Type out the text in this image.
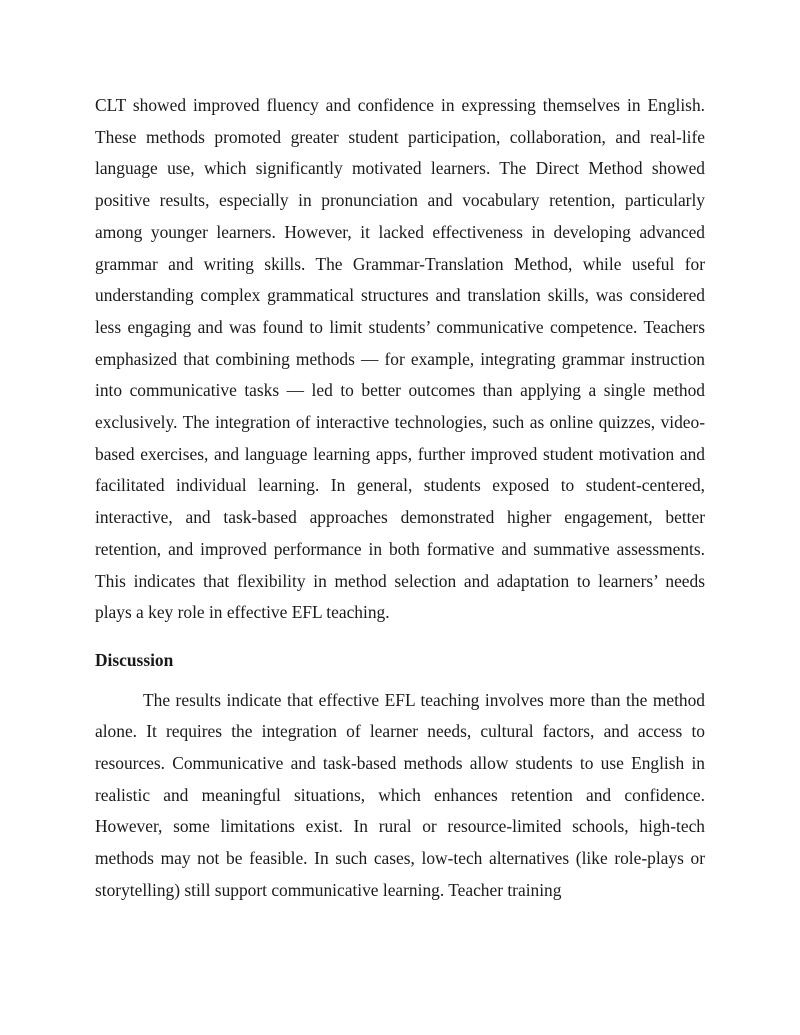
CLT showed improved fluency and confidence in expressing themselves in English. These methods promoted greater student participation, collaboration, and real-life language use, which significantly motivated learners. The Direct Method showed positive results, especially in pronunciation and vocabulary retention, particularly among younger learners. However, it lacked effectiveness in developing advanced grammar and writing skills. The Grammar-Translation Method, while useful for understanding complex grammatical structures and translation skills, was considered less engaging and was found to limit students’ communicative competence. Teachers emphasized that combining methods — for example, integrating grammar instruction into communicative tasks — led to better outcomes than applying a single method exclusively. The integration of interactive technologies, such as online quizzes, video-based exercises, and language learning apps, further improved student motivation and facilitated individual learning. In general, students exposed to student-centered, interactive, and task-based approaches demonstrated higher engagement, better retention, and improved performance in both formative and summative assessments. This indicates that flexibility in method selection and adaptation to learners’ needs plays a key role in effective EFL teaching.

Discussion

The results indicate that effective EFL teaching involves more than the method alone. It requires the integration of learner needs, cultural factors, and access to resources. Communicative and task-based methods allow students to use English in realistic and meaningful situations, which enhances retention and confidence. However, some limitations exist. In rural or resource-limited schools, high-tech methods may not be feasible. In such cases, low-tech alternatives (like role-plays or storytelling) still support communicative learning. Teacher training
